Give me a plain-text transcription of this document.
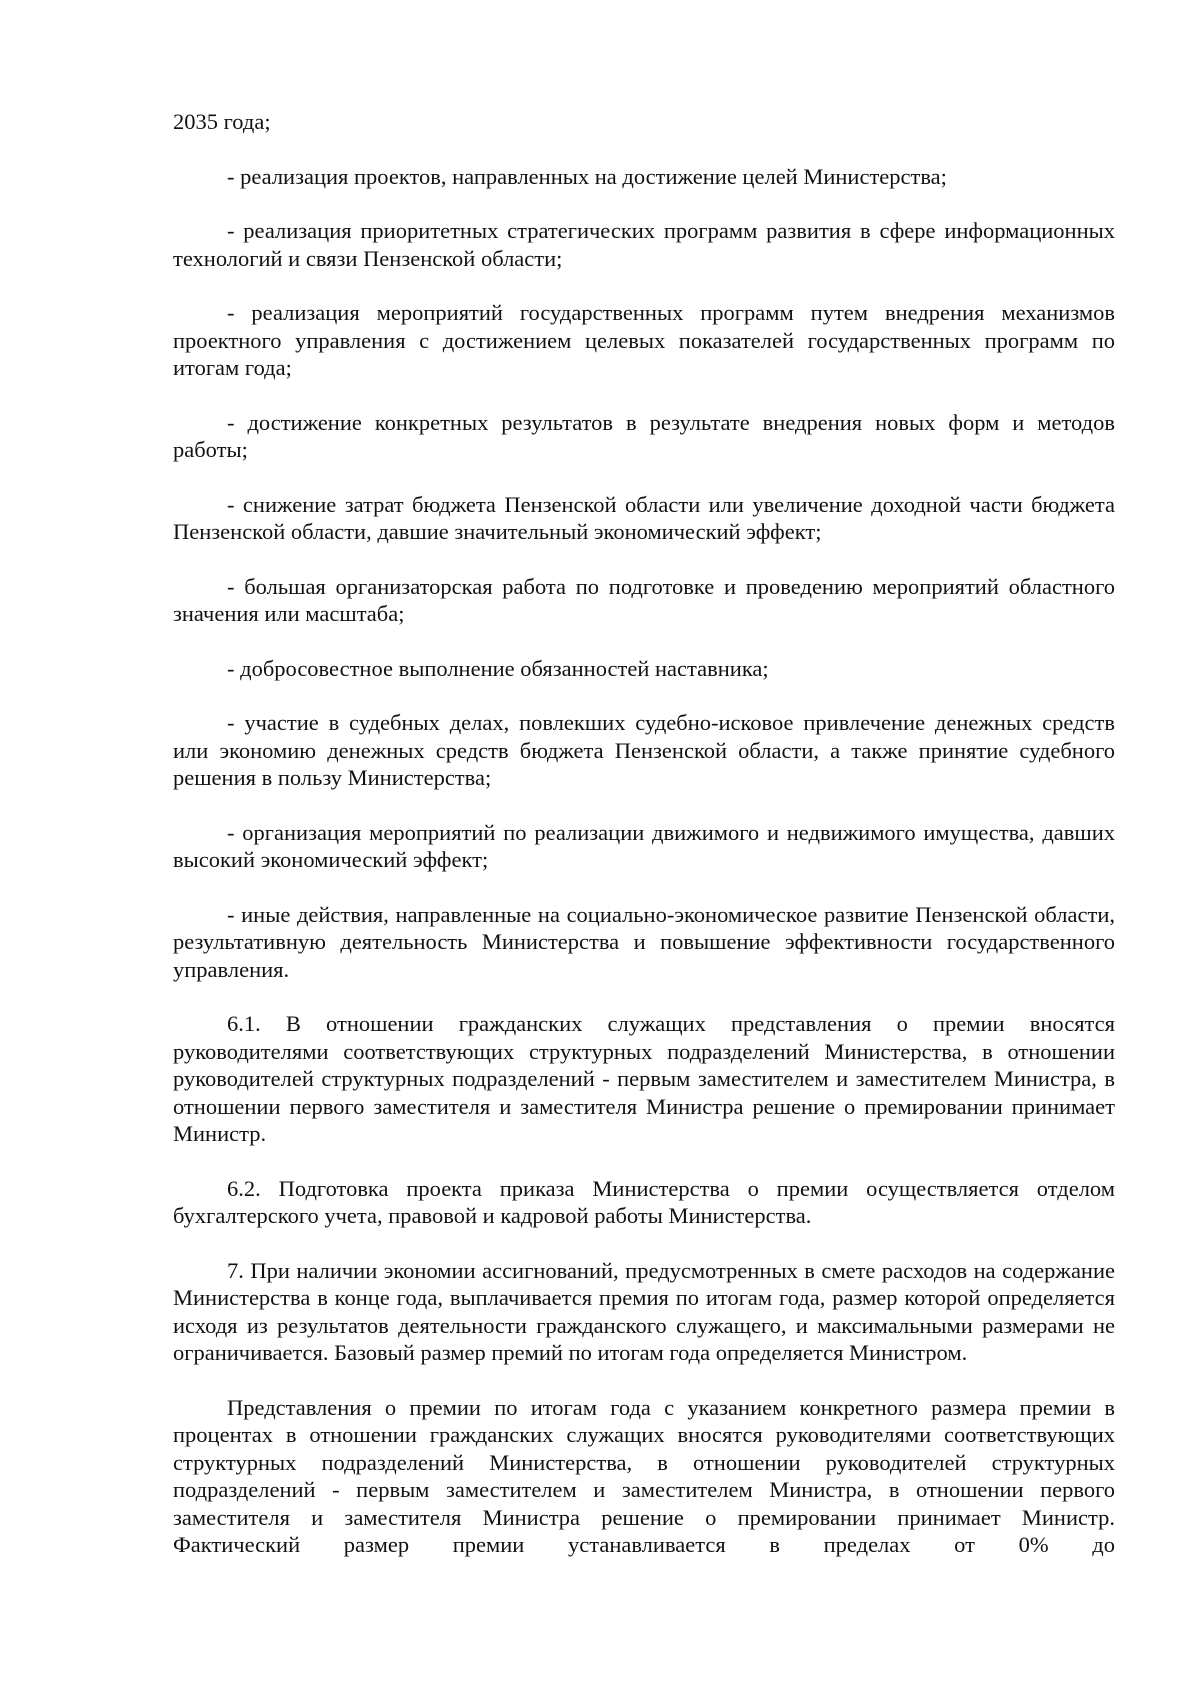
2035 года;

- реализация проектов, направленных на достижение целей Министерства;

- реализация приоритетных стратегических программ развития в сфере информационных технологий и связи Пензенской области;

- реализация мероприятий государственных программ путем внедрения механизмов проектного управления с достижением целевых показателей государственных программ по итогам года;

- достижение конкретных результатов в результате внедрения новых форм и методов работы;

- снижение затрат бюджета Пензенской области или увеличение доходной части бюджета Пензенской области, давшие значительный экономический эффект;

- большая организаторская работа по подготовке и проведению мероприятий областного значения или масштаба;

- добросовестное выполнение обязанностей наставника;

- участие в судебных делах, повлекших судебно-исковое привлечение денежных средств или экономию денежных средств бюджета Пензенской области, а также принятие судебного решения в пользу Министерства;

- организация мероприятий по реализации движимого и недвижимого имущества, давших высокий экономический эффект;

- иные действия, направленные на социально-экономическое развитие Пензенской области, результативную деятельность Министерства и повышение эффективности государственного управления.

6.1. В отношении гражданских служащих представления о премии вносятся руководителями соответствующих структурных подразделений Министерства, в отношении руководителей структурных подразделений - первым заместителем и заместителем Министра, в отношении первого заместителя и заместителя Министра решение о премировании принимает Министр.

6.2. Подготовка проекта приказа Министерства о премии осуществляется отделом бухгалтерского учета, правовой и кадровой работы Министерства.

7. При наличии экономии ассигнований, предусмотренных в смете расходов на содержание Министерства в конце года, выплачивается премия по итогам года, размер которой определяется исходя из результатов деятельности гражданского служащего, и максимальными размерами не ограничивается. Базовый размер премий по итогам года определяется Министром.

Представления о премии по итогам года с указанием конкретного размера премии в процентах в отношении гражданских служащих вносятся руководителями соответствующих структурных подразделений Министерства, в отношении руководителей структурных подразделений - первым заместителем и заместителем Министра, в отношении первого заместителя и заместителя Министра решение о премировании принимает Министр. Фактический размер премии устанавливается в пределах от 0% до
